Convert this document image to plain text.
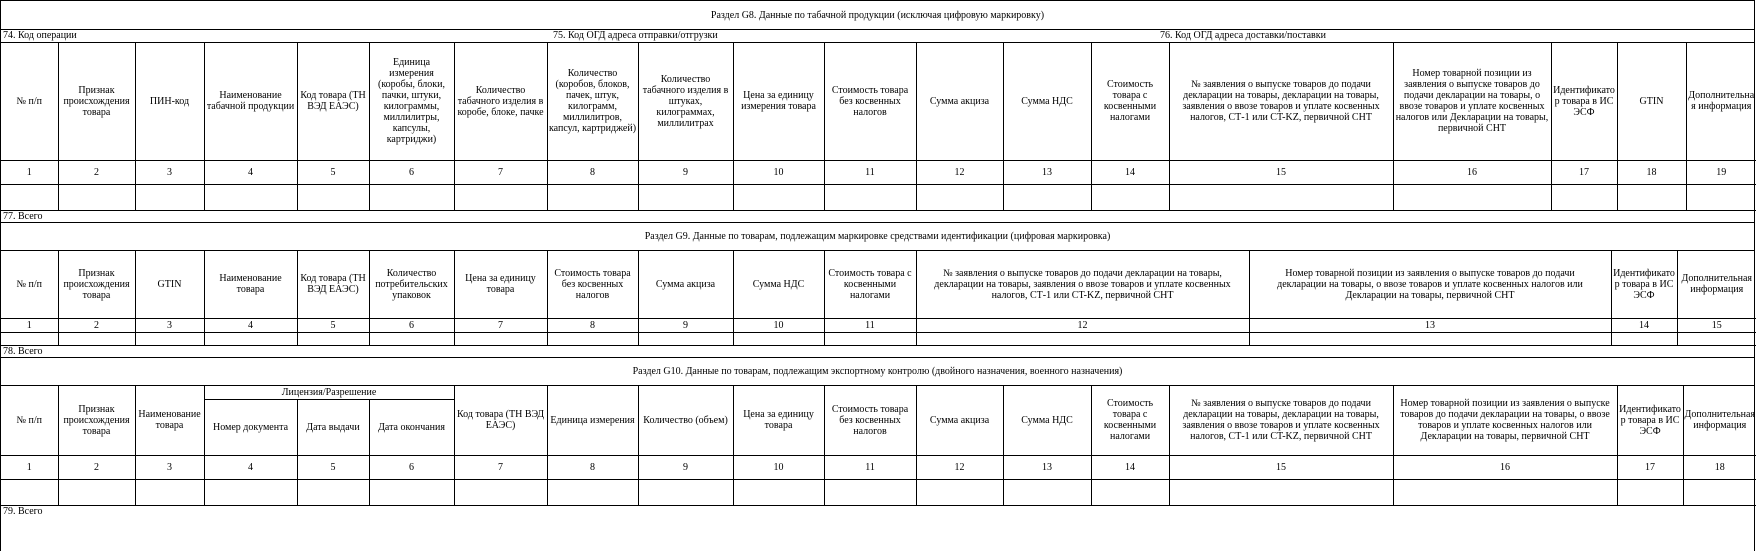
Раздел G8. Данные по табачной продукции (исключая цифровую маркировку)
74. Код операции	75. Код ОГД адреса отправки/отгрузки	76. Код ОГД адреса доставки/поставки
№ п/п	Признак происхождения товара	ПИН-код	Наименование табачной продукции	Код товара (ТН ВЭД ЕАЭС)	Единица измерения (коробы, блоки, пачки, штуки, килограммы, миллилитры, капсулы, картриджи)	Количество табачного изделия в коробе, блоке, пачке	Количество (коробов, блоков, пачек, штук, килограмм, миллилитров, капсул, картриджей)	Количество табачного изделия в штуках, килограммах, миллилитрах	Цена за единицу измерения товара	Стоимость товара без косвенных налогов	Сумма акциза	Сумма НДС	Стоимость товара с косвенными налогами	№ заявления о выпуске товаров до подачи декларации на товары, декларации на товары, заявления о ввозе товаров и уплате косвенных налогов, СТ-1 или CT-KZ, первичной СНТ	Номер товарной позиции из заявления о выпуске товаров до подачи декларации на товары, о ввозе товаров и уплате косвенных налогов или Декларации на товары, первичной СНТ	Идентификатор товара в ИС ЭСФ	GTIN	Дополнительная информация
1	2	3	4	5	6	7	8	9	10	11	12	13	14	15	16	17	18	19

77. Всего
Раздел G9. Данные по товарам, подлежащим маркировке средствами идентификации (цифровая маркировка)
№ п/п	Признак происхождения товара	GTIN	Наименование товара	Код товара (ТН ВЭД ЕАЭС)	Количество потребительских упаковок	Цена за единицу товара	Стоимость товара без косвенных налогов	Сумма акциза	Сумма НДС	Стоимость товара с косвенными налогами	№ заявления о выпуске товаров до подачи декларации на товары, декларации на товары, заявления о ввозе товаров и уплате косвенных налогов, СТ-1 или CT-KZ, первичной СНТ	Номер товарной позиции из заявления о выпуске товаров до подачи декларации на товары, о ввозе товаров и уплате косвенных налогов или Декларации на товары, первичной СНТ	Идентификатор товара в ИС ЭСФ	Дополнительная информация
1	2	3	4	5	6	7	8	9	10	11	12	13	14	15

78. Всего
Раздел G10. Данные по товарам, подлежащим экспортному контролю (двойного назначения, военного назначения)
№ п/п	Признак происхождения товара	Наименование товара	Лицензия/Разрешение			Код товара (ТН ВЭД ЕАЭС)	Единица измерения	Количество (объем)	Цена за единицу товара	Стоимость товара без косвенных налогов	Сумма акциза	Сумма НДС	Стоимость товара с косвенными налогами	№ заявления о выпуске товаров до подачи декларации на товары, декларации на товары, заявления о ввозе товаров и уплате косвенных налогов, СТ-1 или CT-KZ, первичной СНТ	Номер товарной позиции из заявления о выпуске товаров до подачи декларации на товары, о ввозе товаров и уплате косвенных налогов или Декларации на товары, первичной СНТ	Идентификатор товара в ИС ЭСФ	Дополнительная информация
			Номер документа	Дата выдачи	Дата окончания												
1	2	3	4	5	6	7	8	9	10	11	12	13	14	15	16	17	18

79. Всего
